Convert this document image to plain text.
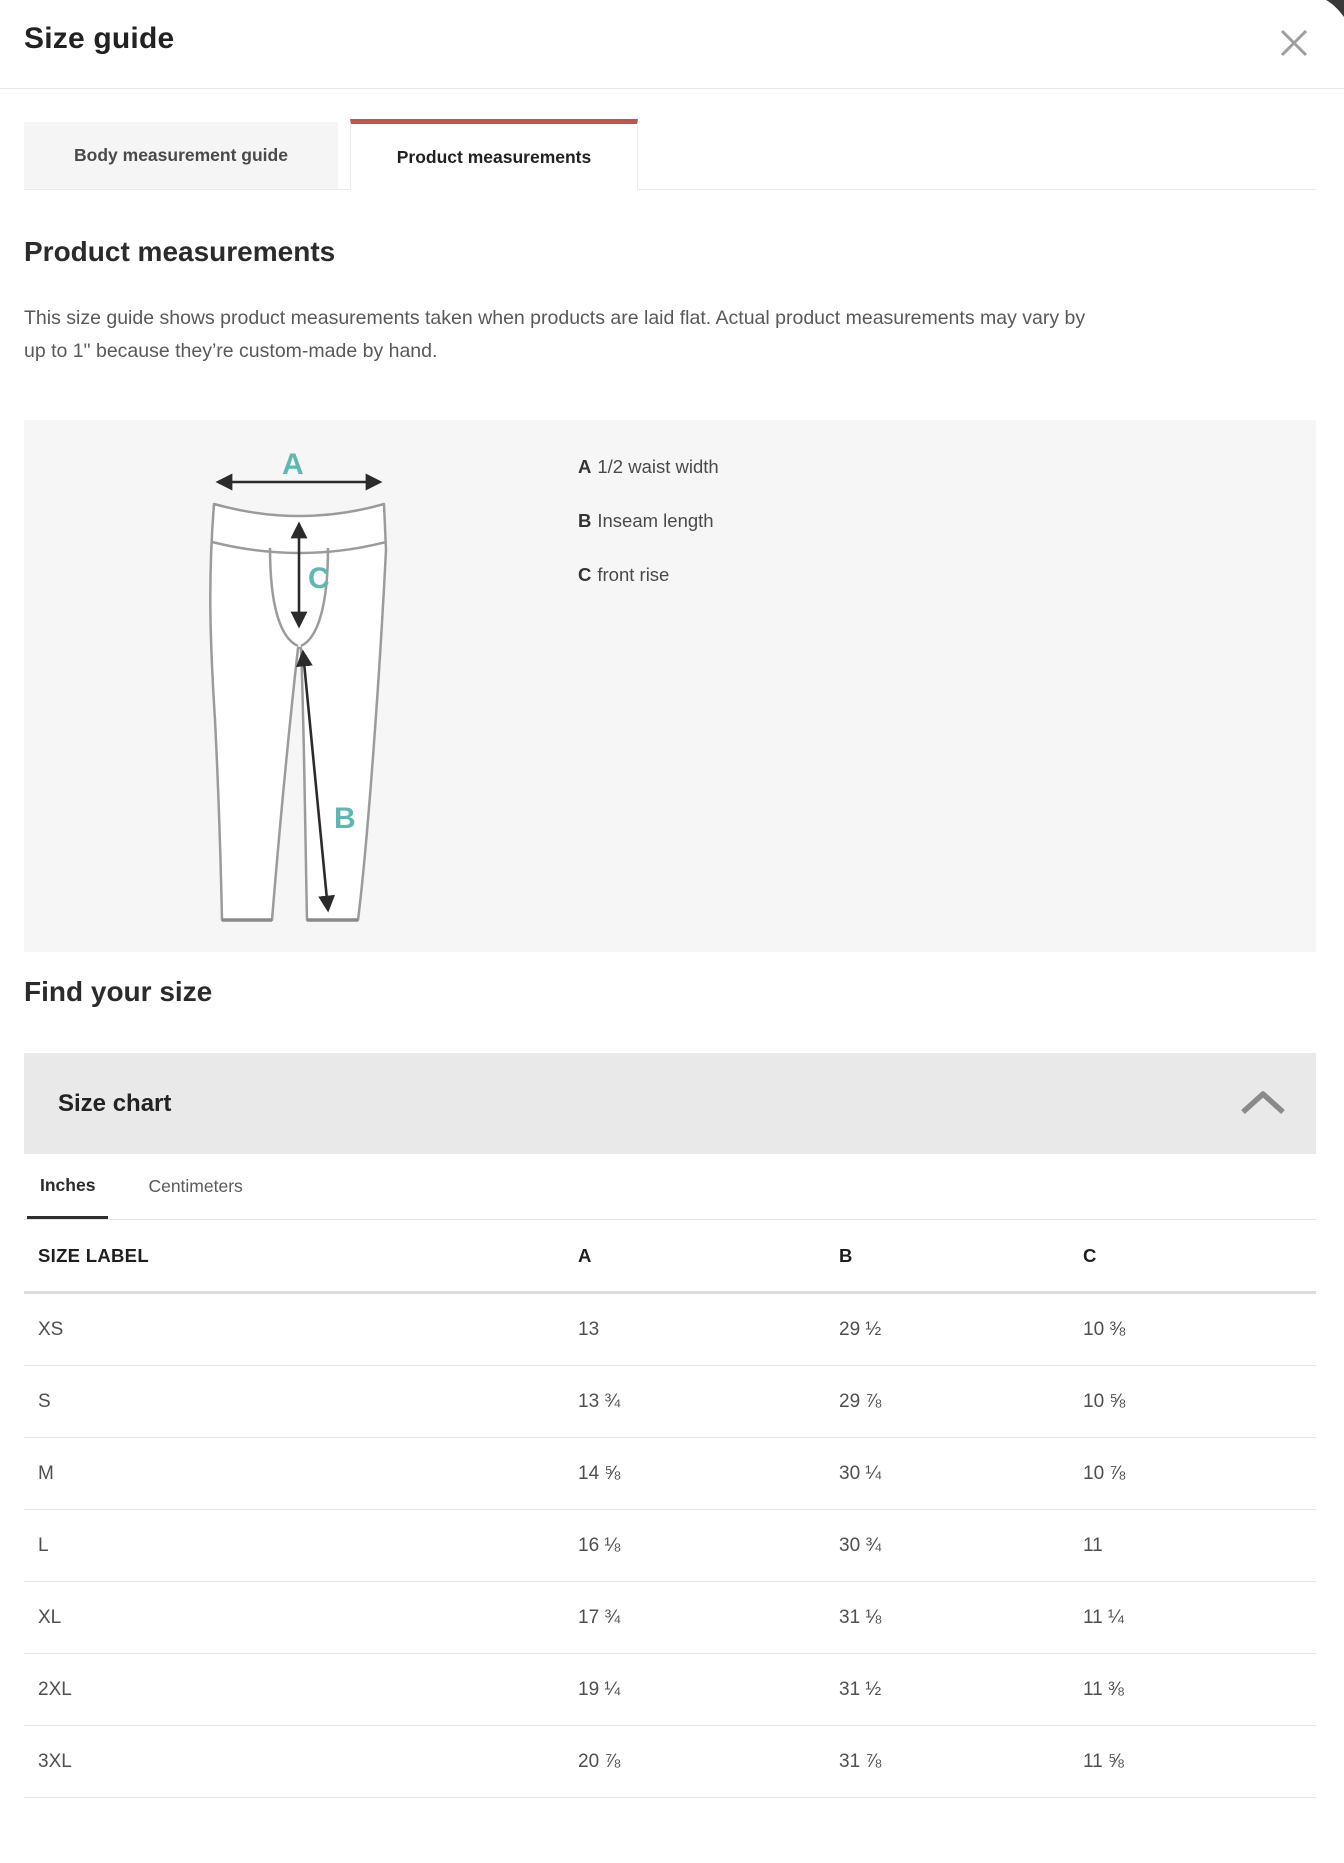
Size guide
Body measurement guide	Product measurements
Product measurements

This size guide shows product measurements taken when products are laid flat. Actual product measurements may vary by
up to 1" because they’re custom-made by hand.

A
C
B
A 1/2 waist width
B Inseam length
C front rise
Find your size
Size chart
Inches	Centimeters
SIZE LABEL	A	B	C
XS	13	29 ½	10 ⅜
S	13 ¾	29 ⅞	10 ⅝
M	14 ⅝	30 ¼	10 ⅞
L	16 ⅛	30 ¾	11
XL	17 ¾	31 ⅛	11 ¼
2XL	19 ¼	31 ½	11 ⅜
3XL	20 ⅞	31 ⅞	11 ⅝
